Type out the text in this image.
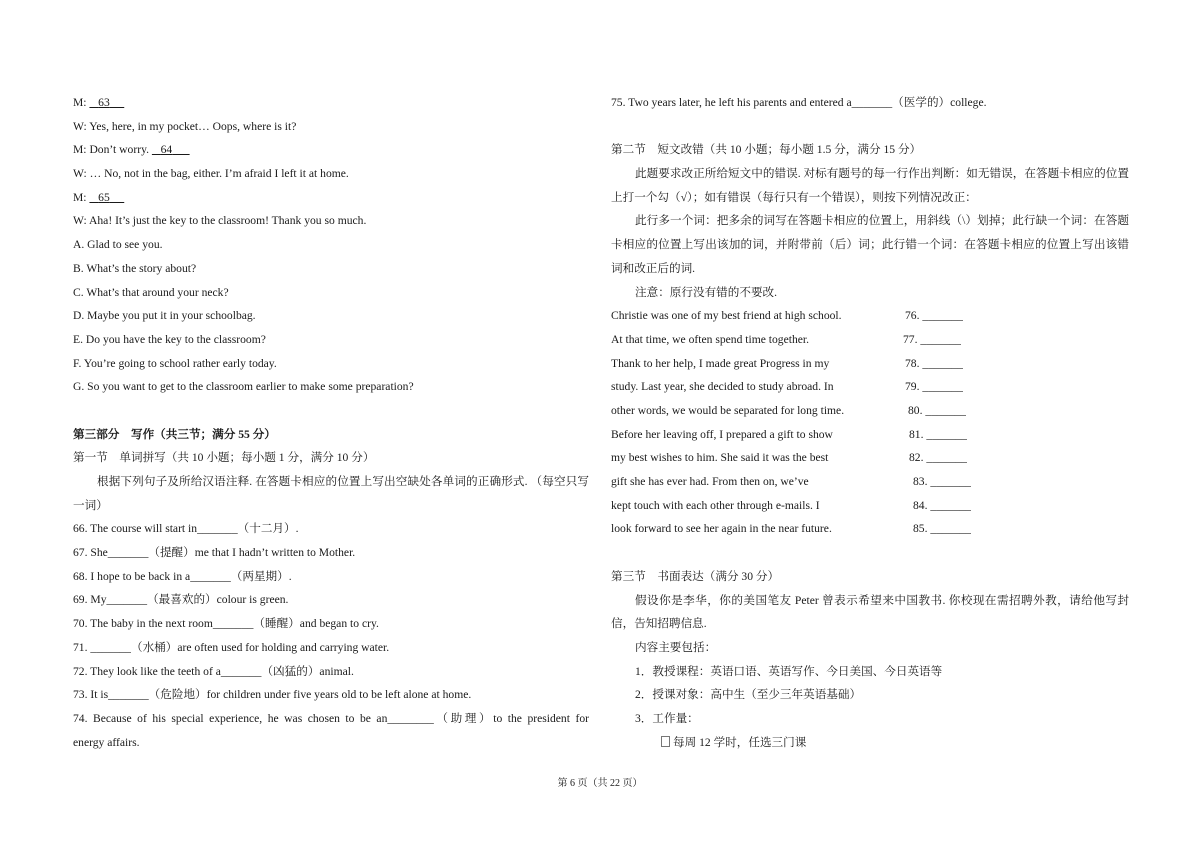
M:    63
W: Yes, here, in my pocket… Oops, where is it?
M: Don’t worry.    64
W: … No, not in the bag, either. I’m afraid I left it at home.
M:    65
W: Aha! It’s just the key to the classroom! Thank you so much.
A. Glad to see you.
B. What’s the story about?
C. What’s that around your neck?
D. Maybe you put it in your schoolbag.
E. Do you have the key to the classroom?
F. You’re going to school rather early today.
G. So you want to get to the classroom earlier to make some preparation?
第三部分　写作（共三节；满分 55 分）
第一节　单词拼写（共 10 小题；每小题 1 分，满分 10 分）
根据下列句子及所给汉语注释. 在答题卡相应的位置上写出空缺处各单词的正确形式. （每空只写一词）
66. The course will start in_______（十二月）.
67. She_______（提醒）me that I hadn’t written to Mother.
68. I hope to be back in a_______（两星期）.
69. My_______（最喜欢的）colour is green.
70. The baby in the next room_______（睡醒）and began to cry.
71. _______（水桶）are often used for holding and carrying water.
72. They look like the teeth of a_______（凶猛的）animal.
73. It is_______（危险地）for children under five years old to be left alone at home.
74. Because of his special experience, he was chosen to be an________（助理）to the president for
energy affairs.
75. Two years later, he left his parents and entered a_______（医学的）college.
第二节　短文改错（共 10 小题；每小题 1.5 分，满分 15 分）
此题要求改正所给短文中的错误. 对标有题号的每一行作出判断：如无错误，在答题卡相应的位置上打一个勾（√）；如有错误（每行只有一个错误），则按下列情况改正：
此行多一个词：把多余的词写在答题卡相应的位置上，用斜线（\）划掉；此行缺一个词：在答题卡相应的位置上写出该加的词，并附带前（后）词；此行错一个词：在答题卡相应的位置上写出该错词和改正后的词.
注意：原行没有错的不要改.
Christie was one of my best friend at high school.	76. _______
At that time, we often spend time together.	77. _______
Thank to her help, I made great Progress in my	78. _______
study. Last year, she decided to study abroad. In	79. _______
other words, we would be separated for long time.	80. _______
Before her leaving off, I prepared a gift to show	81. _______
my best wishes to him. She said it was the best	82. _______
gift she has ever had. From then on, we’ve	83. _______
kept touch with each other through e-mails. I	84. _______
look forward to see her again in the near future.	85. _______
第三节　书面表达（满分 30 分）
假设你是李华，你的美国笔友 Peter 曾表示希望来中国教书. 你校现在需招聘外教，请给他写封信，告知招聘信息.
内容主要包括：
1．教授课程：英语口语、英语写作、今日美国、今日英语等
2．授课对象：高中生（至少三年英语基础）
3．工作量：
每周 12 学时，任选三门课
第 6 页（共 22 页）
